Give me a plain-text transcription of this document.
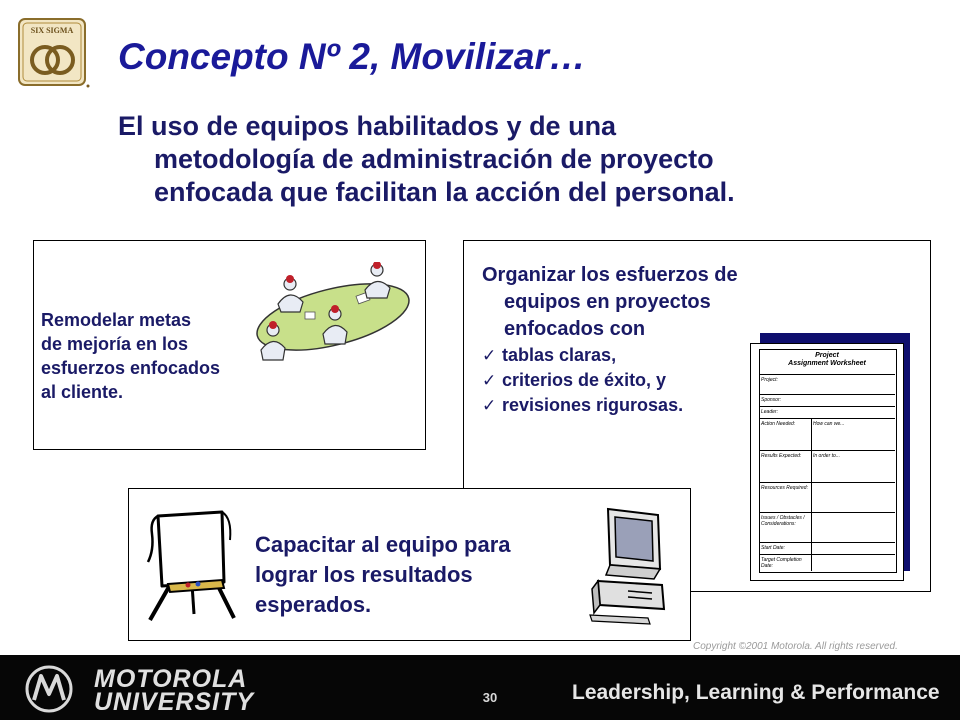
SIX SIGMA
Concepto Nº 2, Movilizar…
El uso de equipos habilitados y de una
metodología de administración de proyecto
enfocada que facilitan la acción del personal.
Remodelar metas
de mejoría en los
esfuerzos enfocados
al cliente.
Project
Assignment Worksheet
Project:
Sponsor:
Leader:
Action Needed:	How can we...
Results Expected:	In order to...
Resources Required:
Issues / Obstacles / Considerations:
Start Date:
Target Completion Date:
Organizar los esfuerzos de
equipos en proyectos
enfocados con
✓ tablas claras,
✓ criterios de éxito, y
✓ revisiones rigurosas.
Capacitar al equipo para
lograr los resultados
esperados.
Copyright ©2001 Motorola. All rights reserved.
MOTOROLA
UNIVERSITY	30	Leadership, Learning & Performance
